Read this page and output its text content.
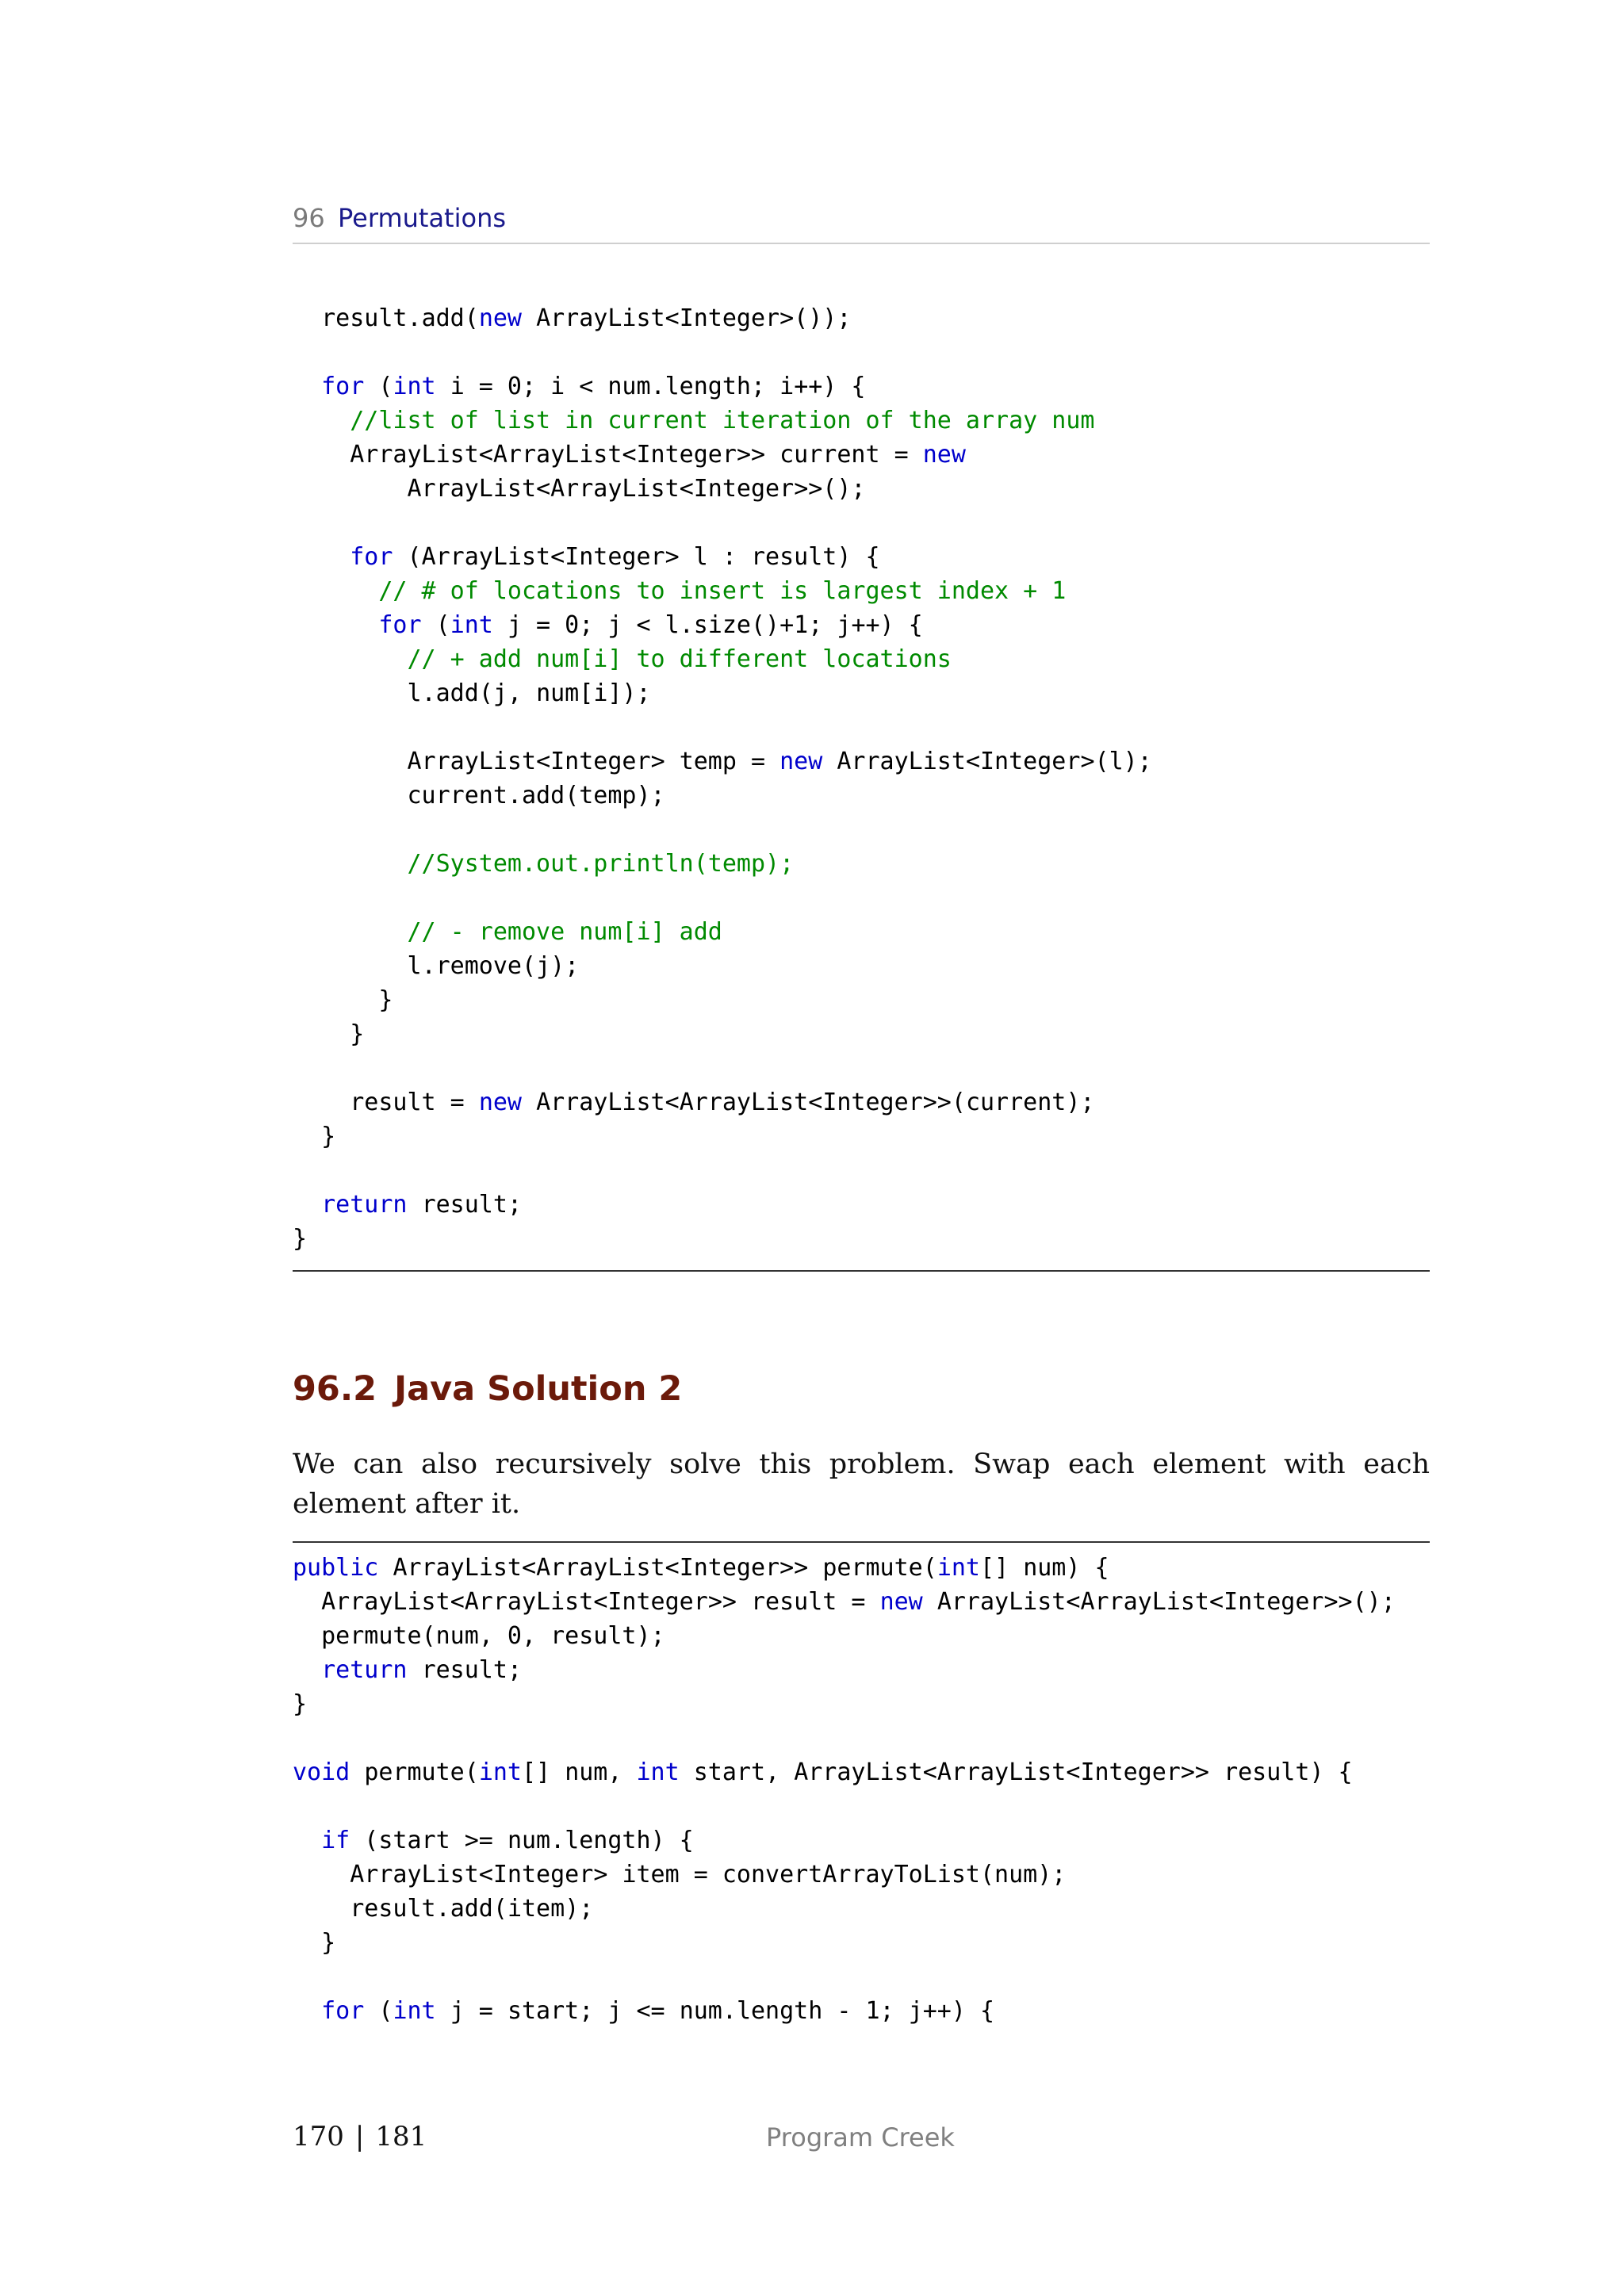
96 Permutations
result.add(new ArrayList<Integer>());
for (int i = 0; i < num.length; i++) {
//list of list in current iteration of the array num
ArrayList<ArrayList<Integer>> current = new
ArrayList<ArrayList<Integer>>();
for (ArrayList<Integer> l : result) {
// # of locations to insert is largest index + 1
for (int j = 0; j < l.size()+1; j++) {
// + add num[i] to different locations
l.add(j, num[i]);
ArrayList<Integer> temp = new ArrayList<Integer>(l);
current.add(temp);
//System.out.println(temp);
// - remove num[i] add
l.remove(j);
}
}
result = new ArrayList<ArrayList<Integer>>(current);
}
return result;
}
96.2 Java Solution 2

We can also recursively solve this problem. Swap each element with each element after it.

public ArrayList<ArrayList<Integer>> permute(int[] num) {
ArrayList<ArrayList<Integer>> result = new ArrayList<ArrayList<Integer>>();
permute(num, 0, result);
return result;
}
void permute(int[] num, int start, ArrayList<ArrayList<Integer>> result) {
if (start >= num.length) {
ArrayList<Integer> item = convertArrayToList(num);
result.add(item);
}
for (int j = start; j <= num.length - 1; j++) {
170 | 181	Program Creek
